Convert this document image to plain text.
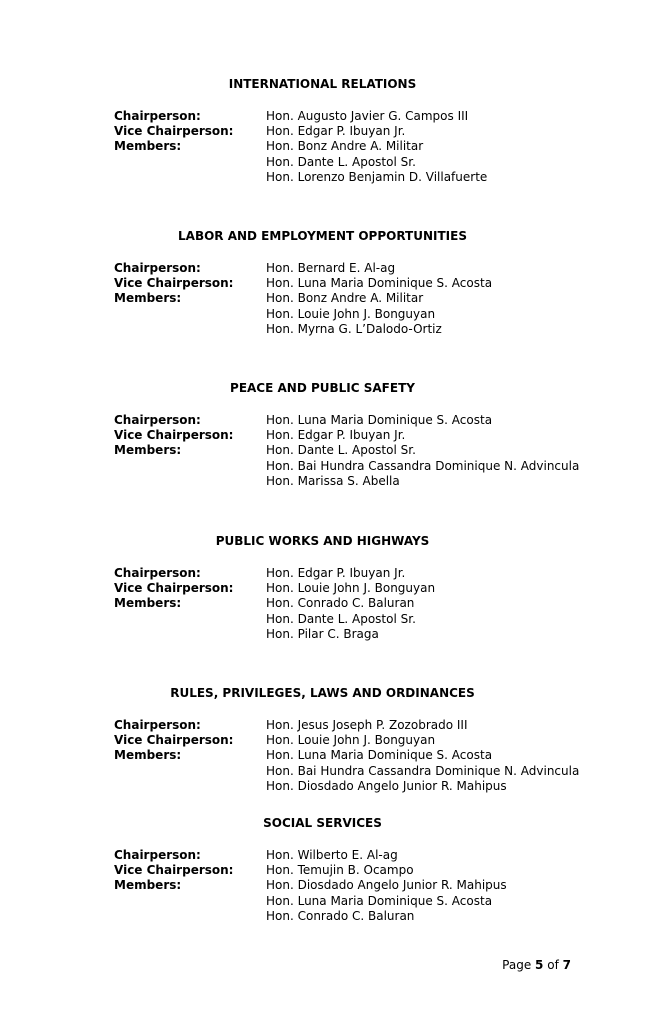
INTERNATIONAL RELATIONS
Chairperson:	Hon. Augusto Javier G. Campos III
Vice Chairperson:	Hon. Edgar P. Ibuyan Jr.
Members:	Hon. Bonz Andre A. Militar
Hon. Dante L. Apostol Sr.
Hon. Lorenzo Benjamin D. Villafuerte
LABOR AND EMPLOYMENT OPPORTUNITIES
Chairperson:	Hon. Bernard E. Al-ag
Vice Chairperson:	Hon. Luna Maria Dominique S. Acosta
Members:	Hon. Bonz Andre A. Militar
Hon. Louie John J. Bonguyan
Hon. Myrna G. L’Dalodo-Ortiz
PEACE AND PUBLIC SAFETY
Chairperson:	Hon. Luna Maria Dominique S. Acosta
Vice Chairperson:	Hon. Edgar P. Ibuyan Jr.
Members:	Hon. Dante L. Apostol Sr.
Hon. Bai Hundra Cassandra Dominique N. Advincula
Hon. Marissa S. Abella
PUBLIC WORKS AND HIGHWAYS
Chairperson:	Hon. Edgar P. Ibuyan Jr.
Vice Chairperson:	Hon. Louie John J. Bonguyan
Members:	Hon. Conrado C. Baluran
Hon. Dante L. Apostol Sr.
Hon. Pilar C. Braga
RULES, PRIVILEGES, LAWS AND ORDINANCES
Chairperson:	Hon. Jesus Joseph P. Zozobrado III
Vice Chairperson:	Hon. Louie John J. Bonguyan
Members:	Hon. Luna Maria Dominique S. Acosta
Hon. Bai Hundra Cassandra Dominique N. Advincula
Hon. Diosdado Angelo Junior R. Mahipus
SOCIAL SERVICES
Chairperson:	Hon. Wilberto E. Al-ag
Vice Chairperson:	Hon. Temujin B. Ocampo
Members:	Hon. Diosdado Angelo Junior R. Mahipus
Hon. Luna Maria Dominique S. Acosta
Hon. Conrado C. Baluran
Page 5 of 7
